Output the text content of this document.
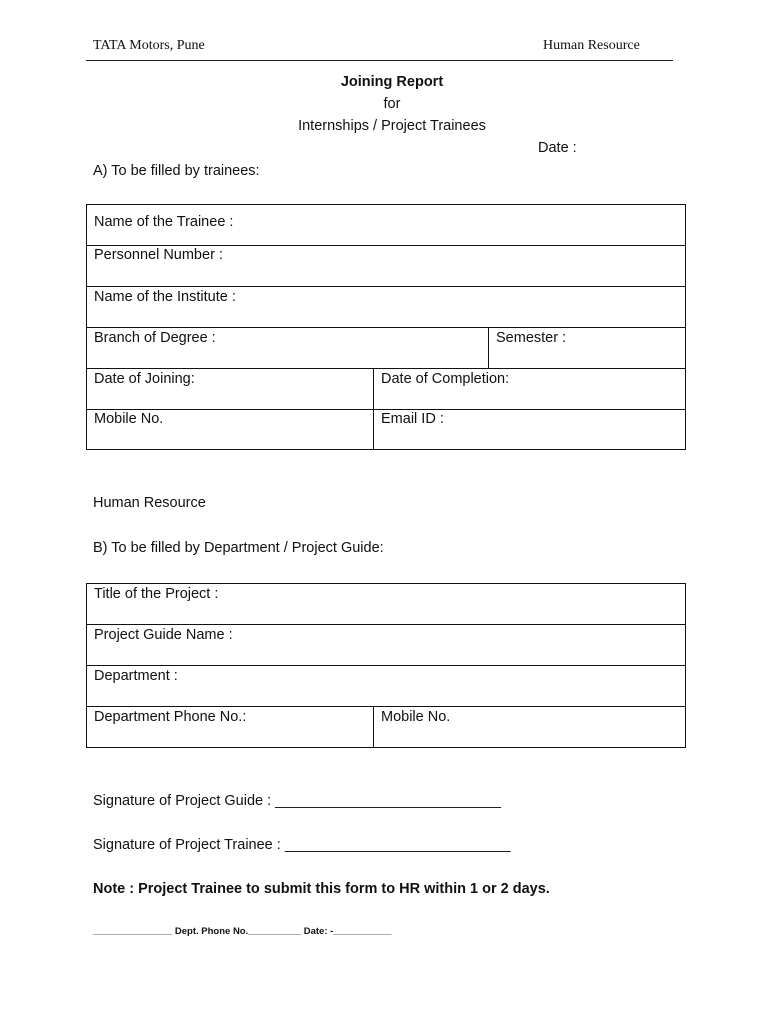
TATA Motors, Pune	Human Resource
Joining Report
for
Internships / Project Trainees
Date :
A) To be filled by trainees:
Name of the Trainee :
Personnel Number :
Name of the Institute :
Branch of Degree :	Semester :
Date of Joining:	Date of Completion:
Mobile No.	Email ID :
Human Resource
B) To be filled by Department / Project Guide:
Title of the Project :
Project Guide Name :
Department :
Department Phone No.:	Mobile No.
Signature of Project Guide : ____________________________
Signature of Project Trainee : ____________________________
Note : Project Trainee to submit this form to HR within 1 or 2 days.
_______________ Dept. Phone No.__________ Date: -___________
